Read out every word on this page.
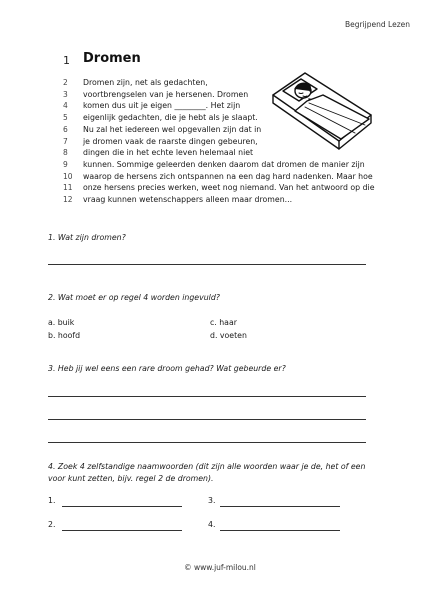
Begrijpend Lezen
1 Dromen
2	Dromen zijn, net als gedachten,
3	voortbrengselen van je hersenen. Dromen
4	komen dus uit je eigen ________. Het zijn
5	eigenlijk gedachten, die je hebt als je slaapt.
6	Nu zal het iedereen wel opgevallen zijn dat in
7	je dromen vaak de raarste dingen gebeuren,
8	dingen die in het echte leven helemaal niet
9	kunnen. Sommige geleerden denken daarom dat dromen de manier zijn
10	waarop de hersens zich ontspannen na een dag hard nadenken. Maar hoe
11	onze hersens precies werken, weet nog niemand. Van het antwoord op die
12	vraag kunnen wetenschappers alleen maar dromen...
1. Wat zijn dromen?
2. Wat moet er op regel 4 worden ingevuld?
a. buik	c. haar
b. hoofd	d. voeten
3. Heb jij wel eens een rare droom gehad? Wat gebeurde er?
4. Zoek 4 zelfstandige naamwoorden (dit zijn alle woorden waar je de, het of een
voor kunt zetten, bijv. regel 2 de dromen).
1.	3.
2.	4.
© www.juf-milou.nl
